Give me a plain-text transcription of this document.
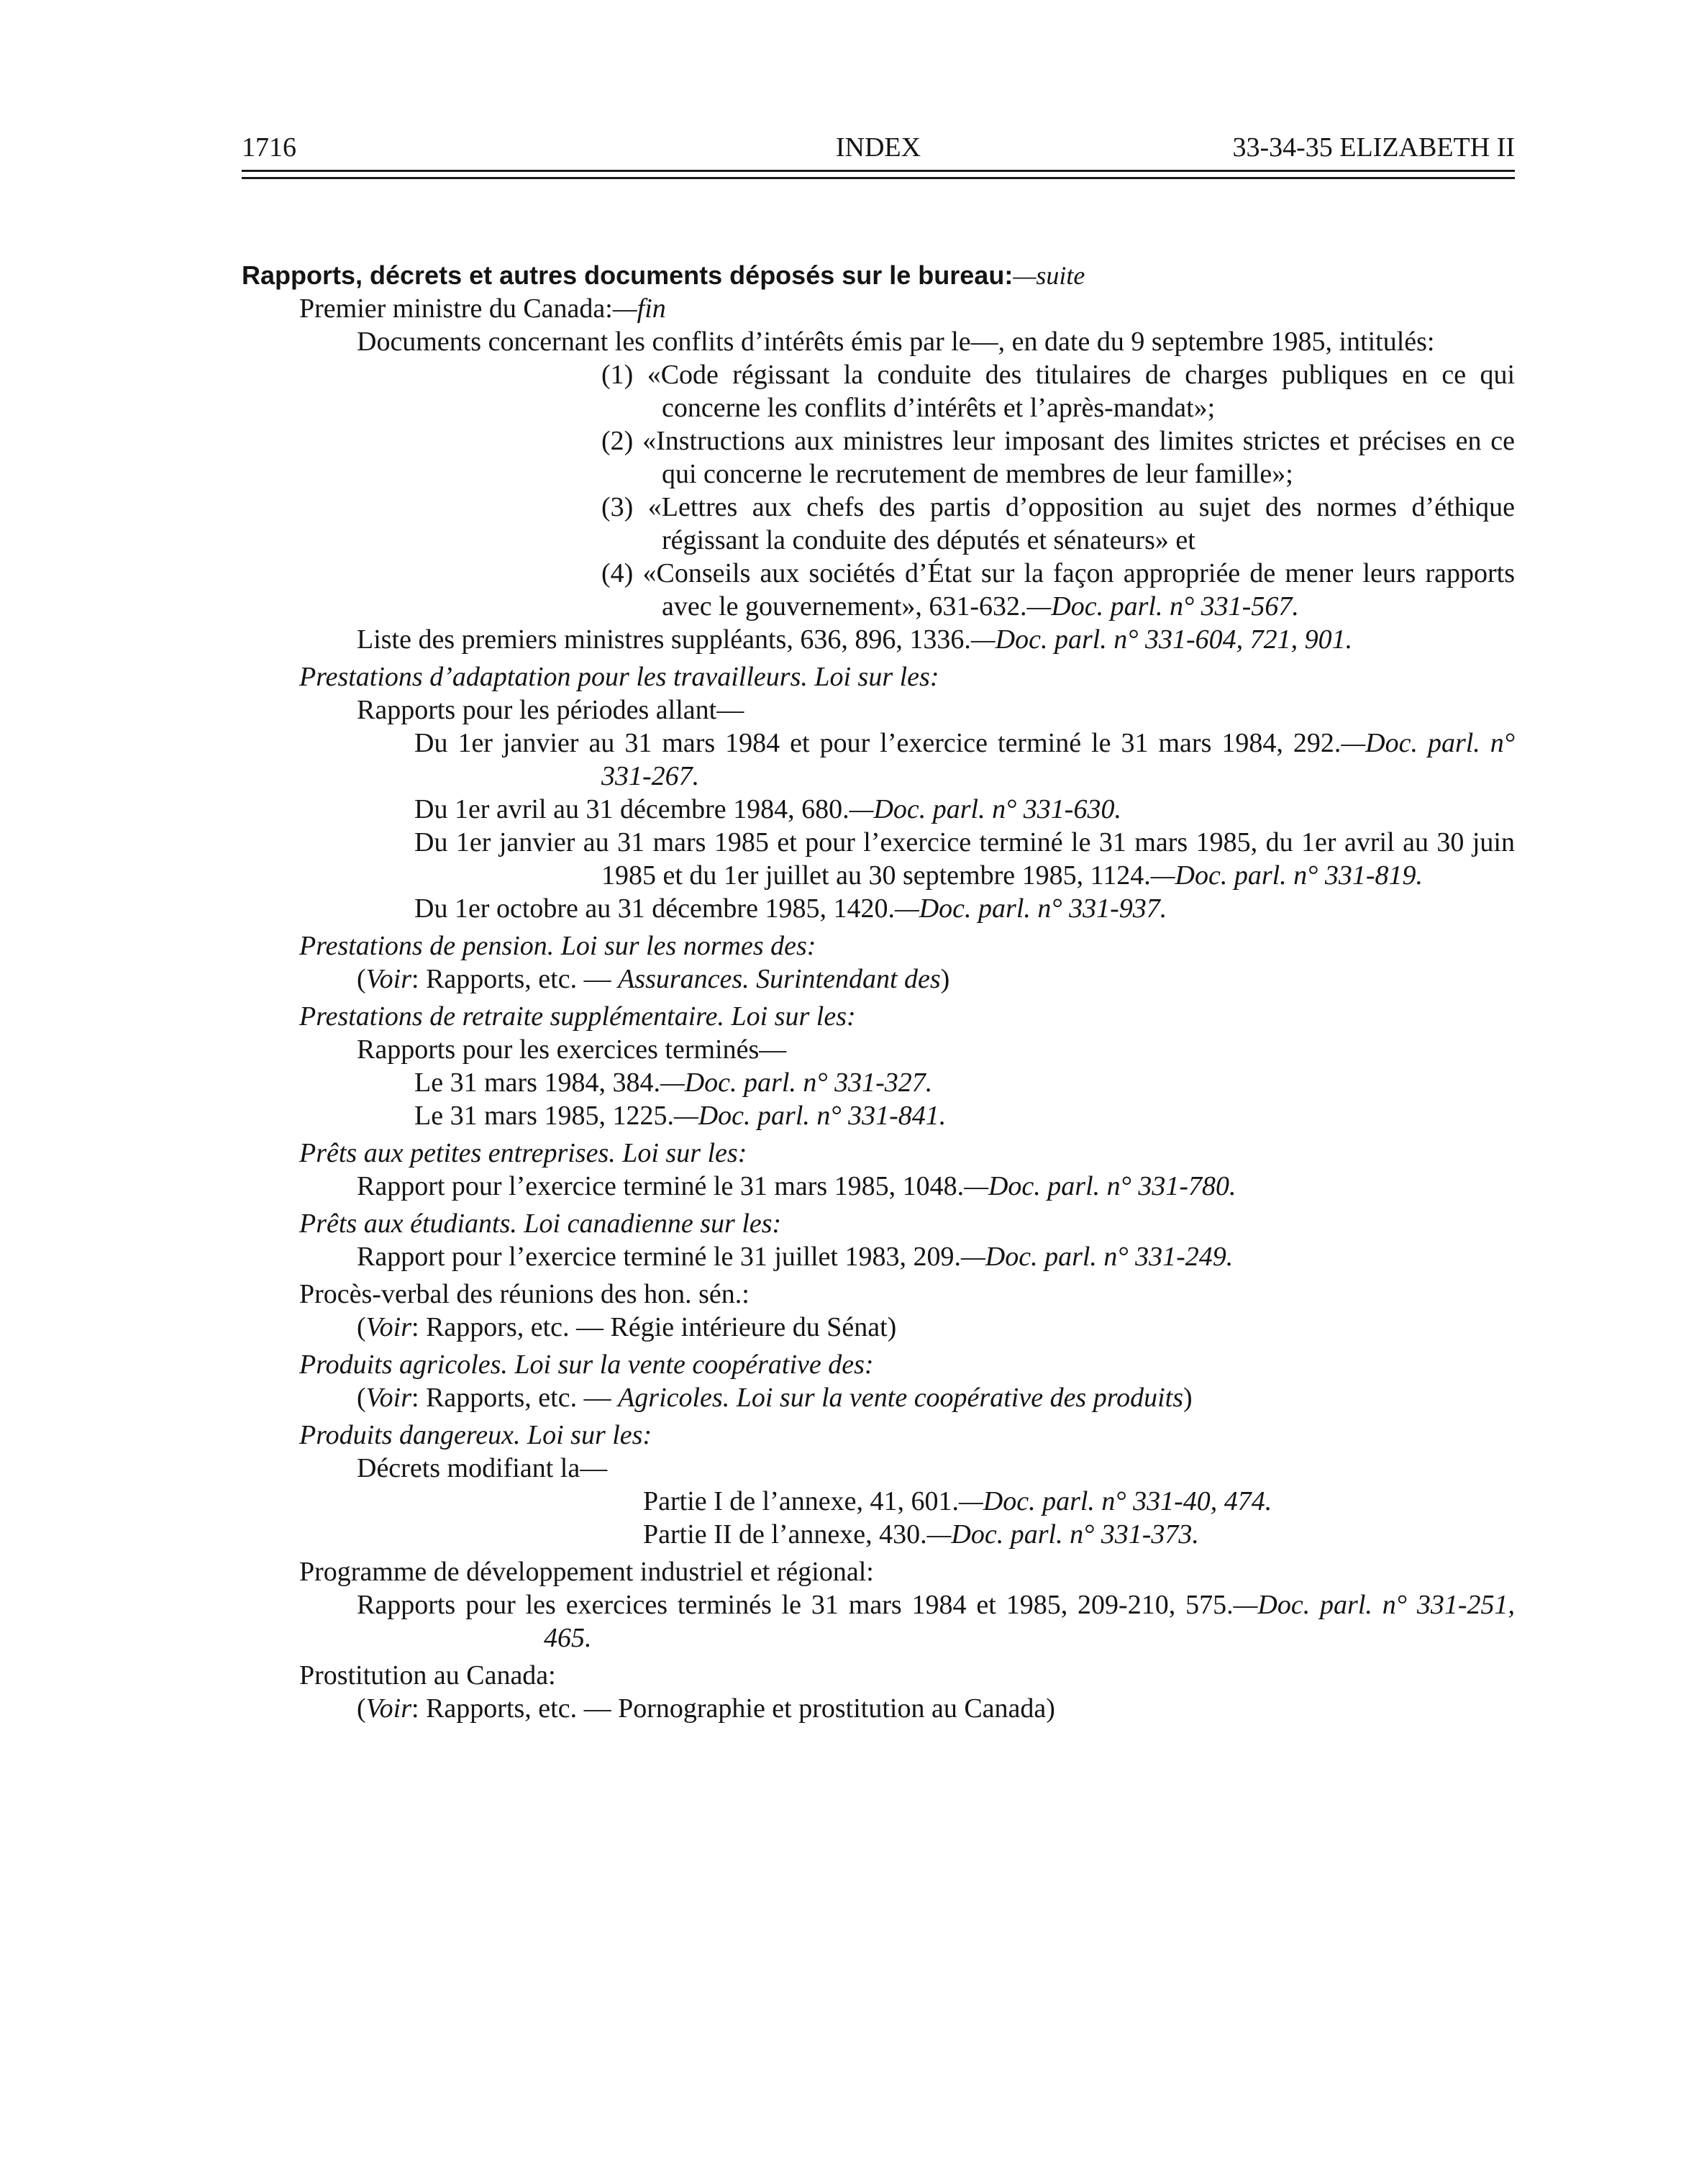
1716	INDEX	33-34-35 ELIZABETH II

Rapports, décrets et autres documents déposés sur le bureau:—suite

Premier ministre du Canada:—fin

Documents concernant les conflits d’intérêts émis par le—, en date du 9 septembre 1985, intitulés:

(1) «Code régissant la conduite des titulaires de charges publiques en ce qui concerne les conflits d’intérêts et l’après-mandat»;

(2) «Instructions aux ministres leur imposant des limites strictes et précises en ce qui concerne le recrutement de membres de leur famille»;

(3) «Lettres aux chefs des partis d’opposition au sujet des normes d’éthique régissant la conduite des députés et sénateurs» et

(4) «Conseils aux sociétés d’État sur la façon appropriée de mener leurs rapports avec le gouvernement», 631-632.—Doc. parl. n° 331-567.

Liste des premiers ministres suppléants, 636, 896, 1336.—Doc. parl. n° 331-604, 721, 901.

Prestations d’adaptation pour les travailleurs. Loi sur les:

Rapports pour les périodes allant—

Du 1er janvier au 31 mars 1984 et pour l’exercice terminé le 31 mars 1984, 292.—Doc. parl. n° 331-267.

Du 1er avril au 31 décembre 1984, 680.—Doc. parl. n° 331-630.

Du 1er janvier au 31 mars 1985 et pour l’exercice terminé le 31 mars 1985, du 1er avril au 30 juin 1985 et du 1er juillet au 30 septembre 1985, 1124.—Doc. parl. n° 331-819.

Du 1er octobre au 31 décembre 1985, 1420.—Doc. parl. n° 331-937.

Prestations de pension. Loi sur les normes des:

(Voir: Rapports, etc. — Assurances. Surintendant des)

Prestations de retraite supplémentaire. Loi sur les:

Rapports pour les exercices terminés—

Le 31 mars 1984, 384.—Doc. parl. n° 331-327.

Le 31 mars 1985, 1225.—Doc. parl. n° 331-841.

Prêts aux petites entreprises. Loi sur les:

Rapport pour l’exercice terminé le 31 mars 1985, 1048.—Doc. parl. n° 331-780.

Prêts aux étudiants. Loi canadienne sur les:

Rapport pour l’exercice terminé le 31 juillet 1983, 209.—Doc. parl. n° 331-249.

Procès-verbal des réunions des hon. sén.:

(Voir: Rappors, etc. — Régie intérieure du Sénat)

Produits agricoles. Loi sur la vente coopérative des:

(Voir: Rapports, etc. — Agricoles. Loi sur la vente coopérative des produits)

Produits dangereux. Loi sur les:

Décrets modifiant la—

Partie I de l’annexe, 41, 601.—Doc. parl. n° 331-40, 474.

Partie II de l’annexe, 430.—Doc. parl. n° 331-373.

Programme de développement industriel et régional:

Rapports pour les exercices terminés le 31 mars 1984 et 1985, 209-210, 575.—Doc. parl. n° 331-251, 465.

Prostitution au Canada:

(Voir: Rapports, etc. — Pornographie et prostitution au Canada)
